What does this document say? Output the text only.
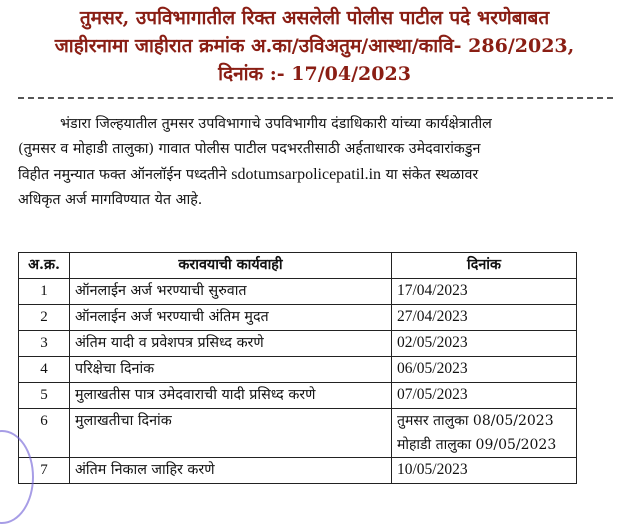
तुमसर, उपविभागातील रिक्त असलेली पोलीस पाटील पदे भरणेबाबत
जाहीरनामा जाहीरात क्रमांक अ.का/उविअतुम/आस्था/कावि- 286/2023,
दिनांक :- 17/04/2023
भंडारा जिल्हयातील तुमसर उपविभागाचे उपविभागीय दंडाधिकारी यांच्या कार्यक्षेत्रातील
(तुमसर व मोहाडी तालुका) गावात पोलीस पाटील पदभरतीसाठी अर्हताधारक उमेदवारांकडुन
विहीत नमुन्यात फक्त ऑनलॉईन पध्दतीने sdotumsarpolicepatil.in या संकेत स्थळावर
अधिकृत अर्ज मागविण्यात येत आहे.
अ.क्र.	करावयाची कार्यवाही	दिनांक
1	ऑनलाईन अर्ज भरण्याची सुरुवात	17/04/2023
2	ऑनलाईन अर्ज भरण्याची अंतिम मुदत	27/04/2023
3	अंतिम यादी व प्रवेशपत्र प्रसिध्द करणे	02/05/2023
4	परिक्षेचा दिनांक	06/05/2023
5	मुलाखतीस पात्र उमेदवाराची यादी प्रसिध्द करणे	07/05/2023
6	मुलाखतीचा दिनांक	तुमसर तालुका 08/05/2023
मोहाडी तालुका 09/05/2023

7	अंतिम निकाल जाहिर करणे	10/05/2023
